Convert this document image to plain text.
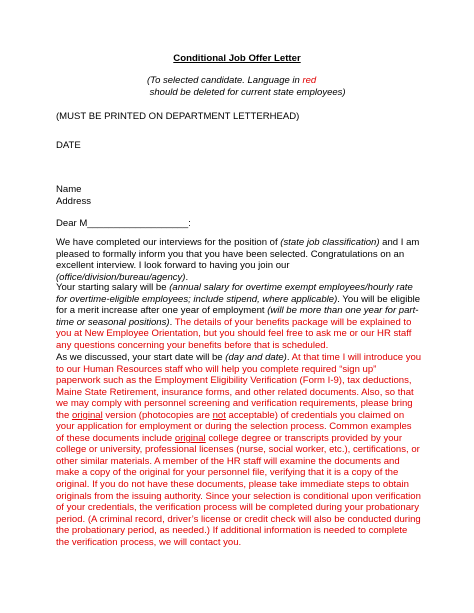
Conditional Job Offer Letter
(To selected candidate. Language in red
should be deleted for current state employees)
(MUST BE PRINTED ON DEPARTMENT LETTERHEAD)
DATE
Name
Address
Dear M___________________:

We have completed our interviews for the position of (state job classification) and I am pleased to formally inform you that you have been selected. Congratulations on an excellent interview. I look forward to having you join our (office/division/bureau/agency).

Your starting salary will be (annual salary for overtime exempt employees/hourly rate for overtime-eligible employees; include stipend, where applicable). You will be eligible for a merit increase after one year of employment (will be more than one year for part-time or seasonal positions). The details of your benefits package will be explained to you at New Employee Orientation, but you should feel free to ask me or our HR staff any questions concerning your benefits before that is scheduled.

As we discussed, your start date will be (day and date). At that time I will introduce you to our Human Resources staff who will help you complete required “sign up” paperwork such as the Employment Eligibility Verification (Form I-9), tax deductions, Maine State Retirement, insurance forms, and other related documents. Also, so that we may comply with personnel screening and verification requirements, please bring the original version (photocopies are not acceptable) of credentials you claimed on your application for employment or during the selection process. Common examples of these documents include original college degree or transcripts provided by your college or university, professional licenses (nurse, social worker, etc.), certifications, or other similar materials. A member of the HR staff will examine the documents and make a copy of the original for your personnel file, verifying that it is a copy of the original. If you do not have these documents, please take immediate steps to obtain originals from the issuing authority. Since your selection is conditional upon verification of your credentials, the verification process will be completed during your probationary period. (A criminal record, driver’s license or credit check will also be conducted during the probationary period, as needed.) If additional information is needed to complete the verification process, we will contact you.
